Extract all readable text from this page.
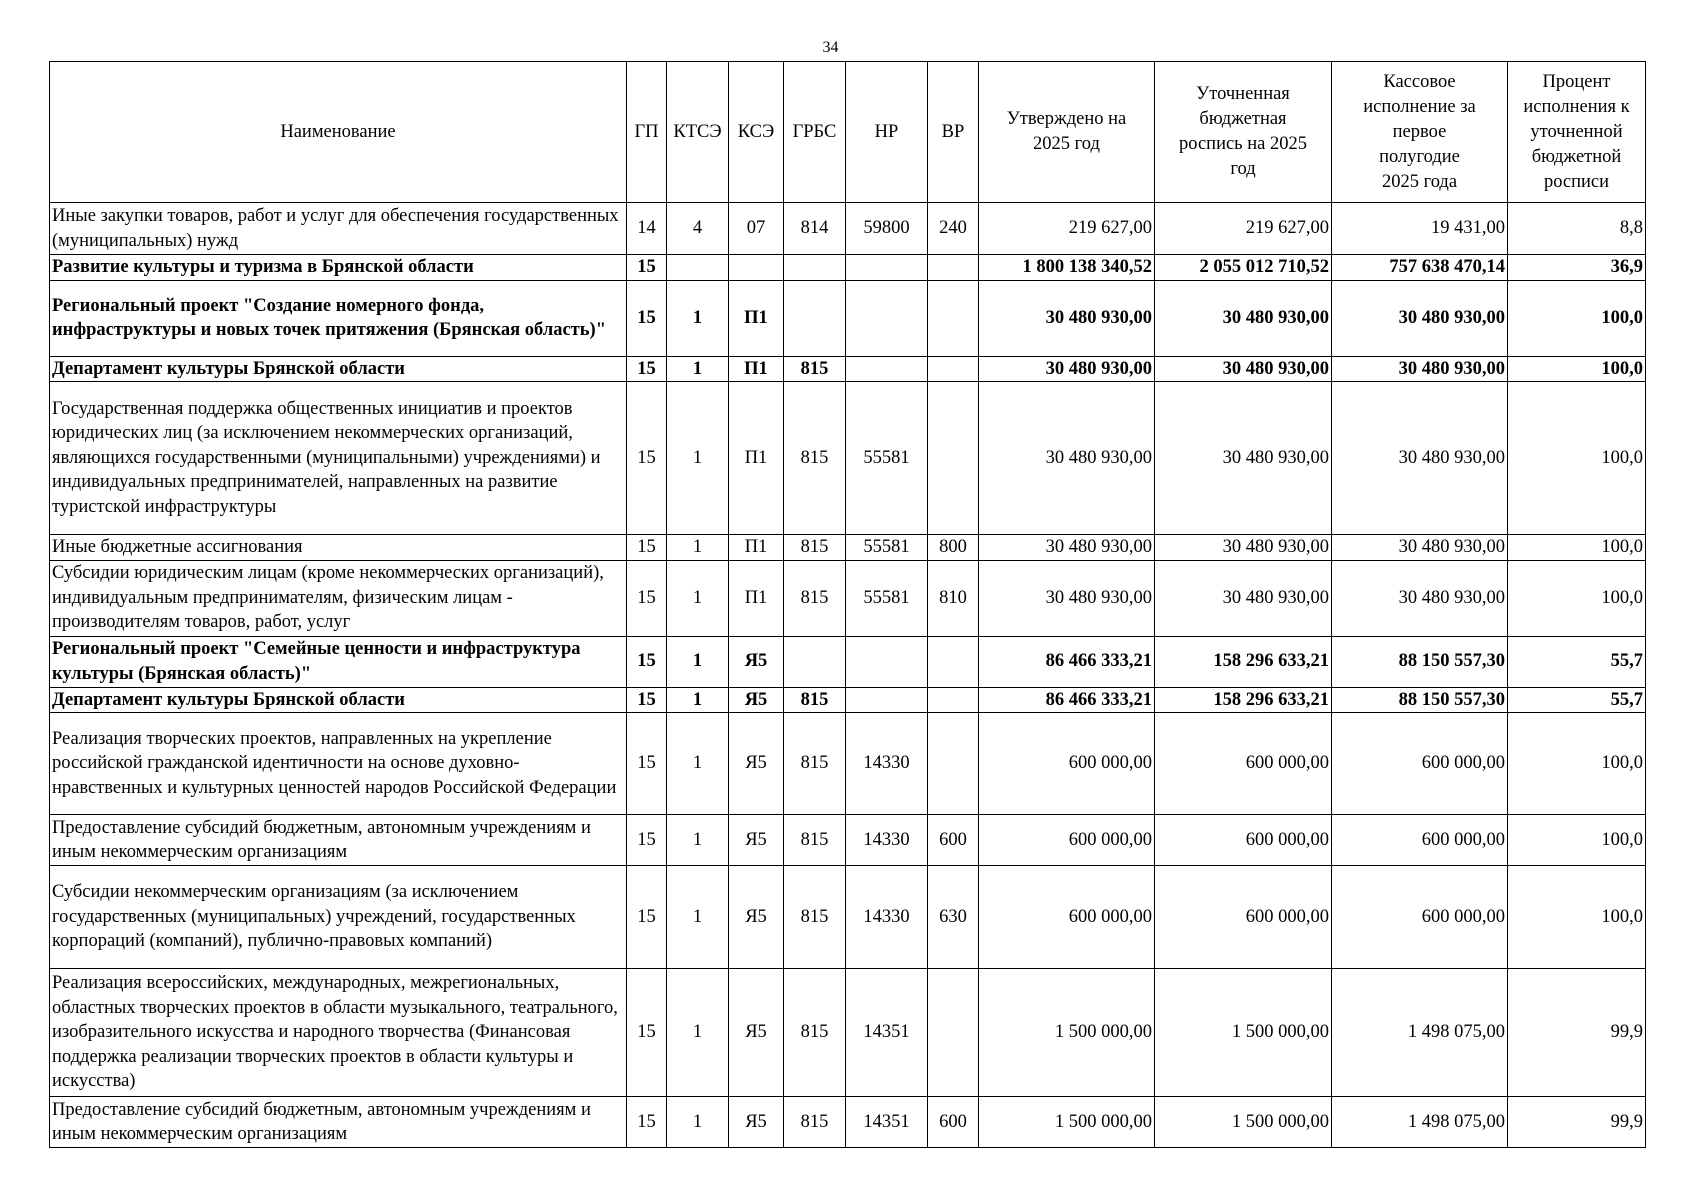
34
Наименование	ГП	КТСЭ	КСЭ	ГРБС	НР	ВР	Утверждено на 2025 год	Уточненная бюджетная роспись на 2025 год	Кассовое исполнение за первое полугодие 2025 года	Процент исполнения к уточненной бюджетной росписи
Иные закупки товаров, работ и услуг для обеспечения государственных (муниципальных) нужд	14	4	07	814	59800	240	219 627,00	219 627,00	19 431,00	8,8
Развитие культуры и туризма в Брянской области	15						1 800 138 340,52	2 055 012 710,52	757 638 470,14	36,9
Региональный проект "Создание номерного фонда, инфраструктуры и новых точек притяжения (Брянская область)"	15	1	П1				30 480 930,00	30 480 930,00	30 480 930,00	100,0
Департамент культуры Брянской области	15	1	П1	815			30 480 930,00	30 480 930,00	30 480 930,00	100,0
Государственная поддержка общественных инициатив и проектов юридических лиц (за исключением некоммерческих организаций, являющихся государственными (муниципальными) учреждениями) и индивидуальных предпринимателей, направленных на развитие туристской инфраструктуры	15	1	П1	815	55581		30 480 930,00	30 480 930,00	30 480 930,00	100,0
Иные бюджетные ассигнования	15	1	П1	815	55581	800	30 480 930,00	30 480 930,00	30 480 930,00	100,0
Субсидии юридическим лицам (кроме некоммерческих организаций), индивидуальным предпринимателям, физическим лицам - производителям товаров, работ, услуг	15	1	П1	815	55581	810	30 480 930,00	30 480 930,00	30 480 930,00	100,0
Региональный проект "Семейные ценности и инфраструктура культуры (Брянская область)"	15	1	Я5				86 466 333,21	158 296 633,21	88 150 557,30	55,7
Департамент культуры Брянской области	15	1	Я5	815			86 466 333,21	158 296 633,21	88 150 557,30	55,7
Реализация творческих проектов, направленных на укрепление российской гражданской идентичности на основе духовно-нравственных и культурных ценностей народов Российской Федерации	15	1	Я5	815	14330		600 000,00	600 000,00	600 000,00	100,0
Предоставление субсидий бюджетным, автономным учреждениям и иным некоммерческим организациям	15	1	Я5	815	14330	600	600 000,00	600 000,00	600 000,00	100,0
Субсидии некоммерческим организациям (за исключением государственных (муниципальных) учреждений, государственных корпораций (компаний), публично-правовых компаний)	15	1	Я5	815	14330	630	600 000,00	600 000,00	600 000,00	100,0
Реализация всероссийских, международных, межрегиональных, областных творческих проектов в области музыкального, театрального, изобразительного искусства и народного творчества (Финансовая поддержка реализации творческих проектов в области культуры и искусства)	15	1	Я5	815	14351		1 500 000,00	1 500 000,00	1 498 075,00	99,9
Предоставление субсидий бюджетным, автономным учреждениям и иным некоммерческим организациям	15	1	Я5	815	14351	600	1 500 000,00	1 500 000,00	1 498 075,00	99,9
